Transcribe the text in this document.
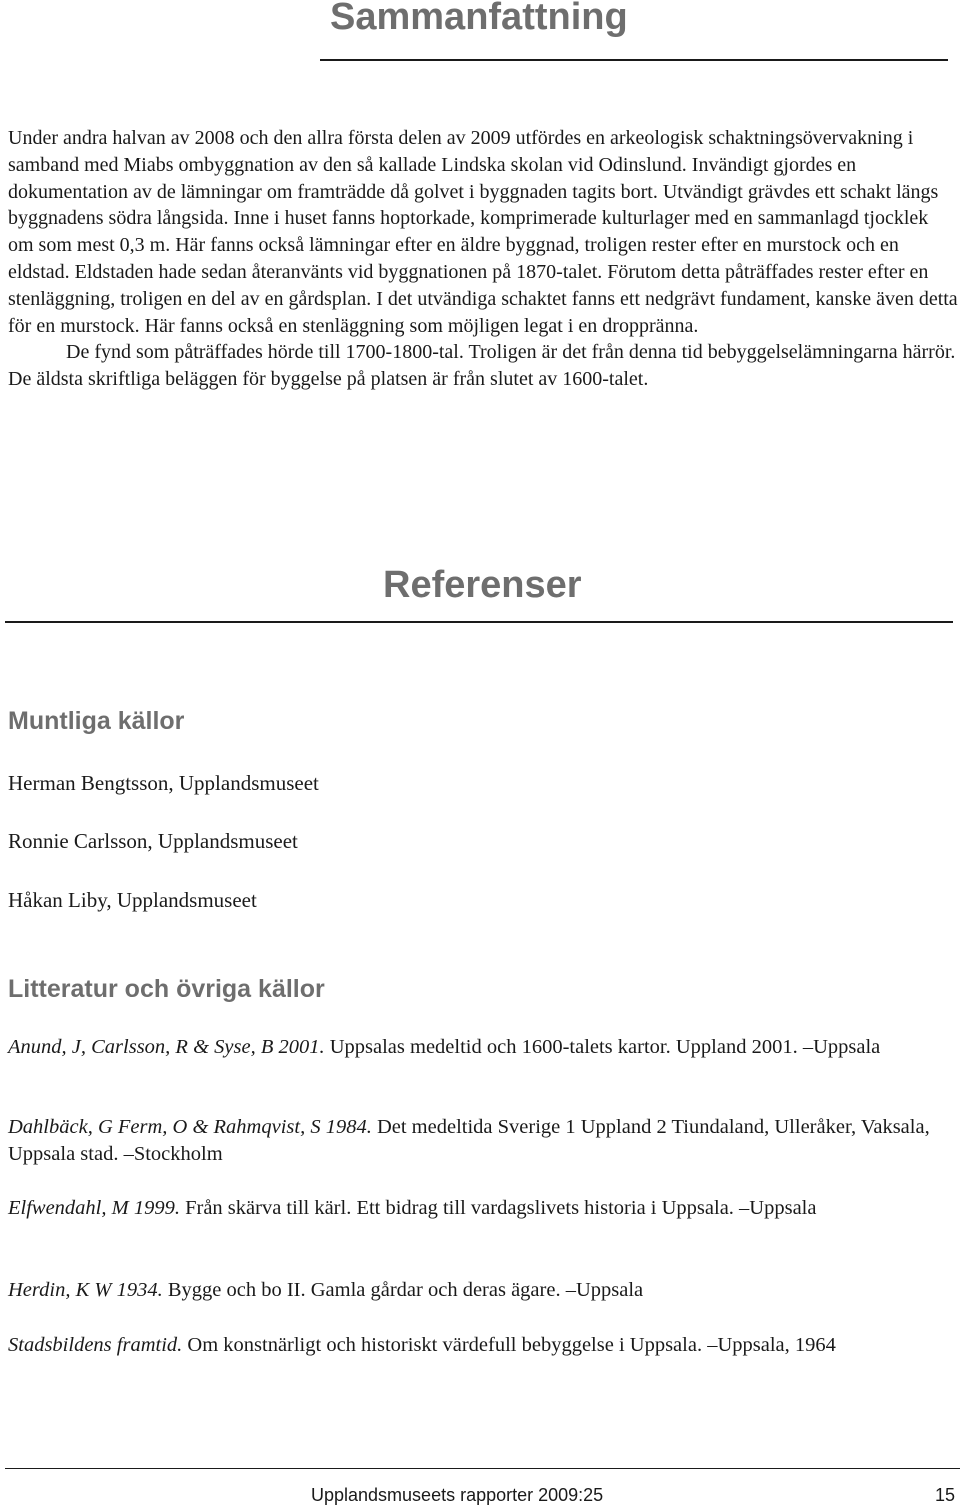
Sammanfattning

Under andra halvan av 2008 och den allra första delen av 2009 utfördes en arkeologisk schaktningsövervakning i samband med Miabs ombyggnation av den så kallade Lindska skolan vid Odinslund. Invändigt gjordes en dokumentation av de lämningar om framträdde då golvet i byggnaden tagits bort. Utvändigt grävdes ett schakt längs byggnadens södra långsida. Inne i huset fanns hoptorkade, komprimerade kulturlager med en sammanlagd tjocklek om som mest 0,3 m. Här fanns också lämningar efter en äldre byggnad, troligen rester efter en murstock och en eldstad. Eldstaden hade sedan återanvänts vid byggnationen på 1870-talet. Förutom detta påträffades rester efter en stenläggning, troligen en del av en gårdsplan. I det utvändiga schaktet fanns ett nedgrävt fundament, kanske även detta för en murstock. Här fanns också en stenläggning som möjligen legat i en droppränna.

De fynd som påträffades hörde till 1700-1800-tal. Troligen är det från denna tid bebyggelselämningarna härrör. De äldsta skriftliga beläggen för byggelse på platsen är från slutet av 1600-talet.

Referenser
Muntliga källor
Herman Bengtsson, Upplandsmuseet
Ronnie Carlsson, Upplandsmuseet
Håkan Liby, Upplandsmuseet
Litteratur och övriga källor
Anund, J, Carlsson, R & Syse, B 2001. Uppsalas medeltid och 1600-talets kartor. Uppland 2001. –Uppsala
Dahlbäck, G Ferm, O & Rahmqvist, S 1984. Det medeltida Sverige 1 Uppland 2 Tiundaland, Ulleråker, Vaksala, Uppsala stad. –Stockholm
Elfwendahl, M 1999. Från skärva till kärl. Ett bidrag till vardagslivets historia i Uppsala. –Uppsala
Herdin, K W 1934. Bygge och bo II. Gamla gårdar och deras ägare. –Uppsala
Stadsbildens framtid. Om konstnärligt och historiskt värdefull bebyggelse i Uppsala. –Uppsala, 1964
Upplandsmuseets rapporter 2009:25	15
